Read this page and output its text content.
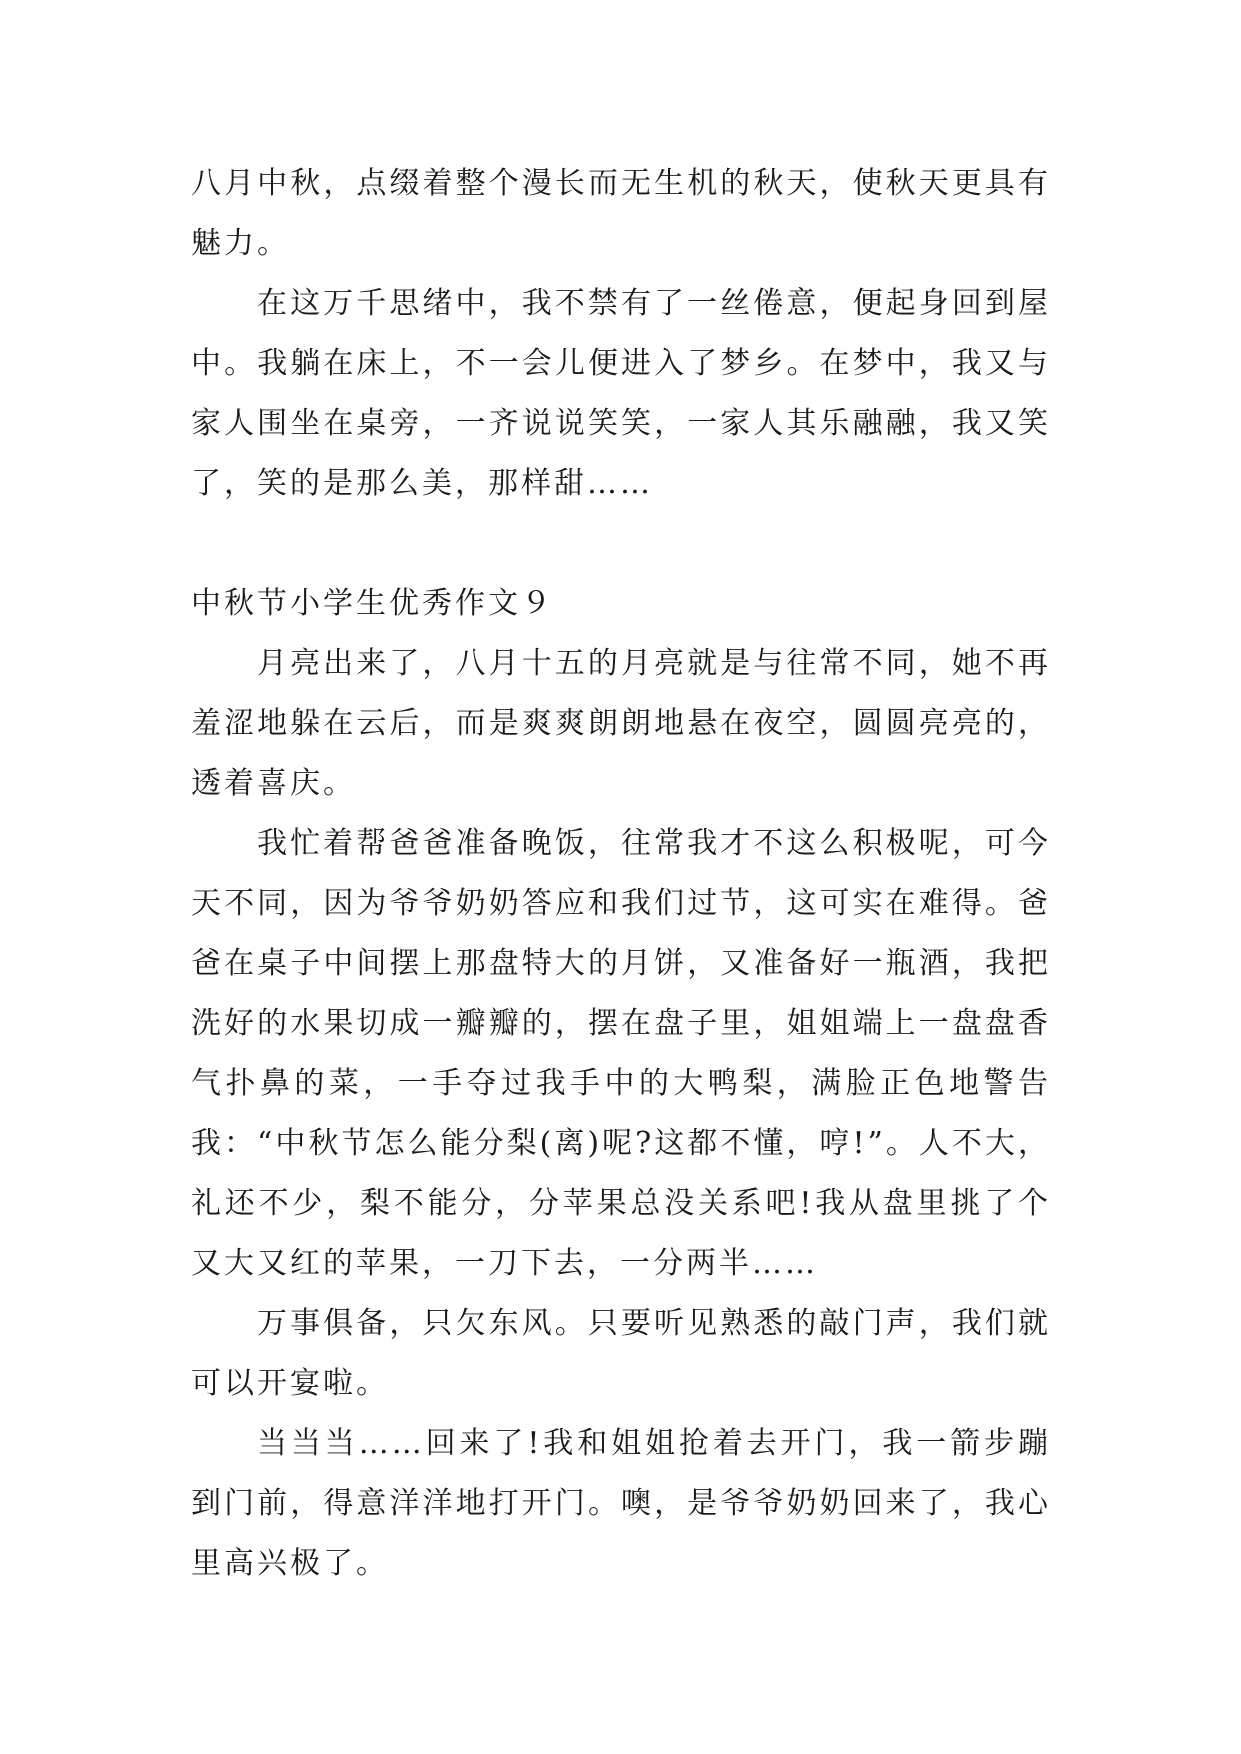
八月中秋，点缀着整个漫长而无生机的秋天，使秋天更具有魅力。

在这万千思绪中，我不禁有了一丝倦意，便起身回到屋中。我躺在床上，不一会儿便进入了梦乡。在梦中，我又与家人围坐在桌旁，一齐说说笑笑，一家人其乐融融，我又笑了，笑的是那么美，那样甜……

中秋节小学生优秀作文９

月亮出来了，八月十五的月亮就是与往常不同，她不再羞涩地躲在云后，而是爽爽朗朗地悬在夜空，圆圆亮亮的，透着喜庆。

我忙着帮爸爸准备晚饭，往常我才不这么积极呢，可今天不同，因为爷爷奶奶答应和我们过节，这可实在难得。爸爸在桌子中间摆上那盘特大的月饼，又准备好一瓶酒，我把洗好的水果切成一瓣瓣的，摆在盘子里，姐姐端上一盘盘香气扑鼻的菜，一手夺过我手中的大鸭梨，满脸正色地警告我：“中秋节怎么能分梨(离)呢?这都不懂，哼!”。人不大，礼还不少，梨不能分，分苹果总没关系吧!我从盘里挑了个又大又红的苹果，一刀下去，一分两半……

万事俱备，只欠东风。只要听见熟悉的敲门声，我们就可以开宴啦。

当当当……回来了!我和姐姐抢着去开门，我一箭步蹦到门前，得意洋洋地打开门。噢，是爷爷奶奶回来了，我心里高兴极了。
